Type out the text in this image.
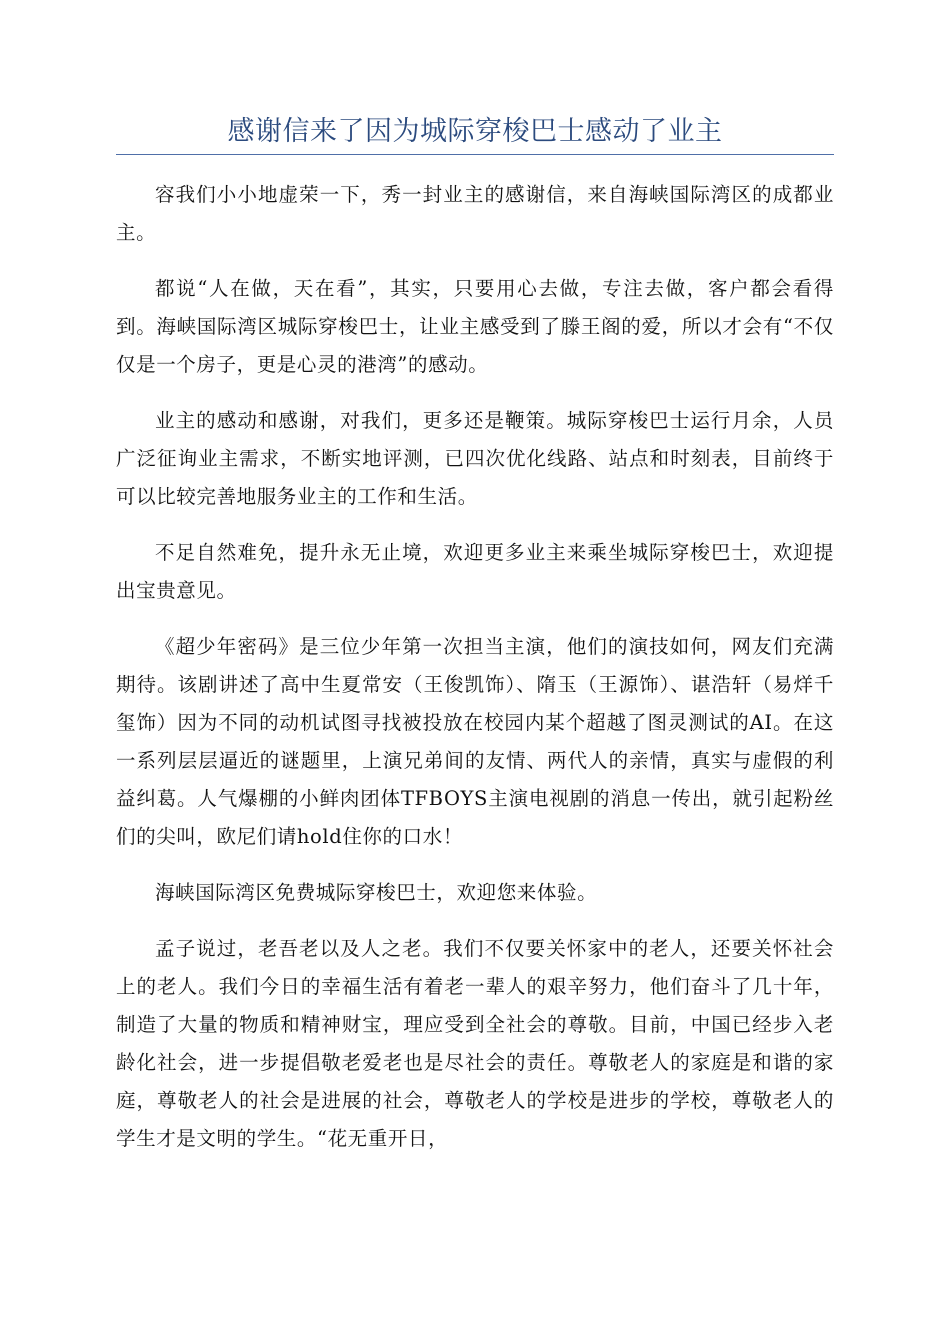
感谢信来了因为城际穿梭巴士感动了业主

容我们小小地虚荣一下，秀一封业主的感谢信，来自海峡国际湾区的成都业主。

都说“人在做，天在看”，其实，只要用心去做，专注去做，客户都会看得到。海峡国际湾区城际穿梭巴士，让业主感受到了滕王阁的爱，所以才会有“不仅仅是一个房子，更是心灵的港湾”的感动。

业主的感动和感谢，对我们，更多还是鞭策。城际穿梭巴士运行月余，人员广泛征询业主需求，不断实地评测，已四次优化线路、站点和时刻表，目前终于可以比较完善地服务业主的工作和生活。

不足自然难免，提升永无止境，欢迎更多业主来乘坐城际穿梭巴士，欢迎提出宝贵意见。

《超少年密码》是三位少年第一次担当主演，他们的演技如何，网友们充满期待。该剧讲述了高中生夏常安（王俊凯饰）、隋玉（王源饰）、谌浩轩（易烊千玺饰）因为不同的动机试图寻找被投放在校园内某个超越了图灵测试的AI。在这一系列层层逼近的谜题里，上演兄弟间的友情、两代人的亲情，真实与虚假的利益纠葛。人气爆棚的小鲜肉团体TFBOYS主演电视剧的消息一传出，就引起粉丝们的尖叫，欧尼们请hold住你的口水！

海峡国际湾区免费城际穿梭巴士，欢迎您来体验。

孟子说过，老吾老以及人之老。我们不仅要关怀家中的老人，还要关怀社会上的老人。我们今日的幸福生活有着老一辈人的艰辛努力，他们奋斗了几十年，制造了大量的物质和精神财宝，理应受到全社会的尊敬。目前，中国已经步入老龄化社会，进一步提倡敬老爱老也是尽社会的责任。尊敬老人的家庭是和谐的家庭，尊敬老人的社会是进展的社会，尊敬老人的学校是进步的学校，尊敬老人的学生才是文明的学生。“花无重开日，
